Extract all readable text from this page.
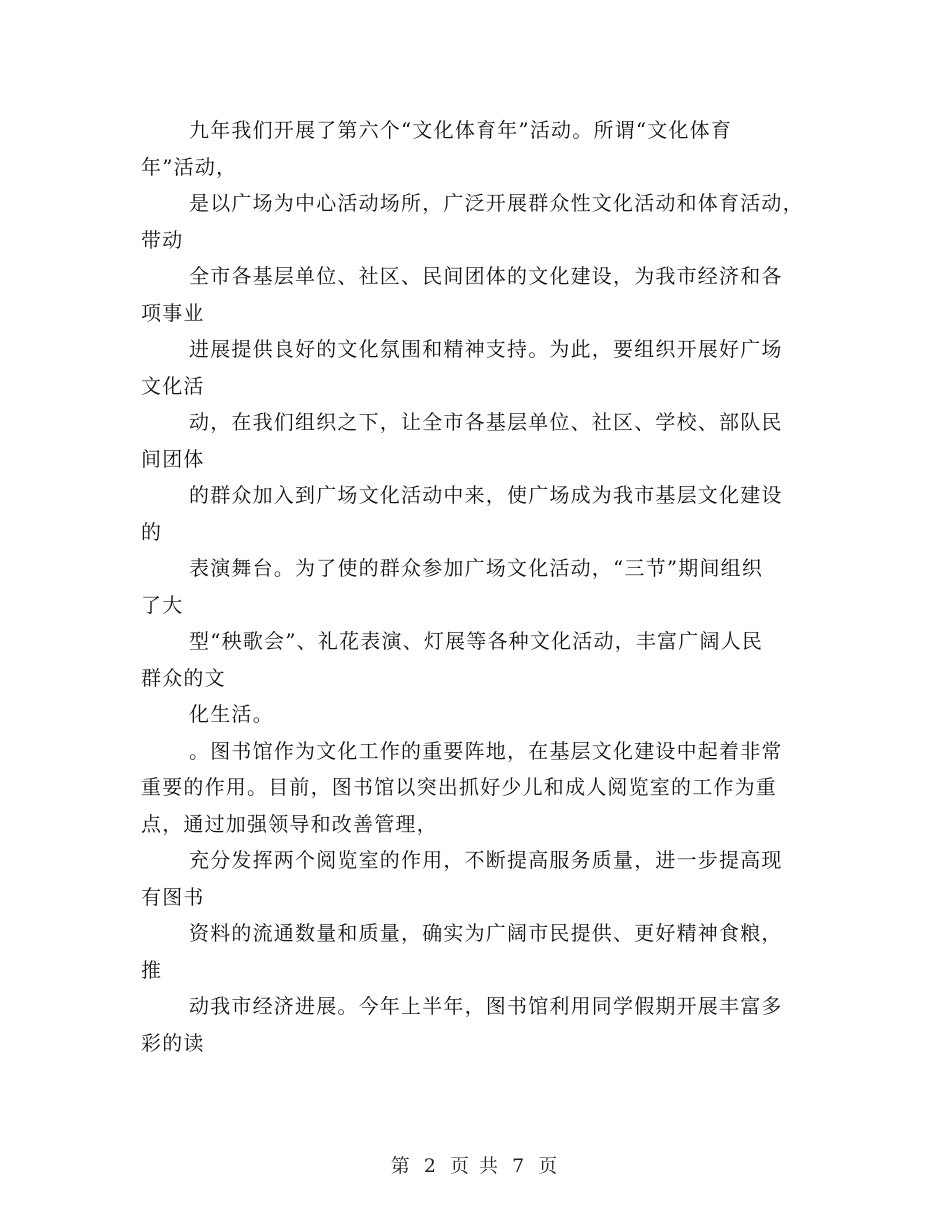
九年我们开展了第六个“文化体育年”活动。所谓“文化体育
年”活动，
是以广场为中心活动场所，广泛开展群众性文化活动和体育活动，
带动
全市各基层单位、社区、民间团体的文化建设，为我市经济和各
项事业
进展提供良好的文化氛围和精神支持。为此，要组织开展好广场
文化活
动，在我们组织之下，让全市各基层单位、社区、学校、部队民
间团体
的群众加入到广场文化活动中来，使广场成为我市基层文化建设
的
表演舞台。为了使的群众参加广场文化活动，“三节”期间组织
了大
型“秧歌会”、礼花表演、灯展等各种文化活动，丰富广阔人民
群众的文
化生活。
。图书馆作为文化工作的重要阵地，在基层文化建设中起着非常
重要的作用。目前，图书馆以突出抓好少儿和成人阅览室的工作为重
点，通过加强领导和改善管理，
充分发挥两个阅览室的作用，不断提高服务质量，进一步提高现
有图书
资料的流通数量和质量，确实为广阔市民提供、更好精神食粮，
推
动我市经济进展。今年上半年，图书馆利用同学假期开展丰富多
彩的读
第 2 页 共 7 页
